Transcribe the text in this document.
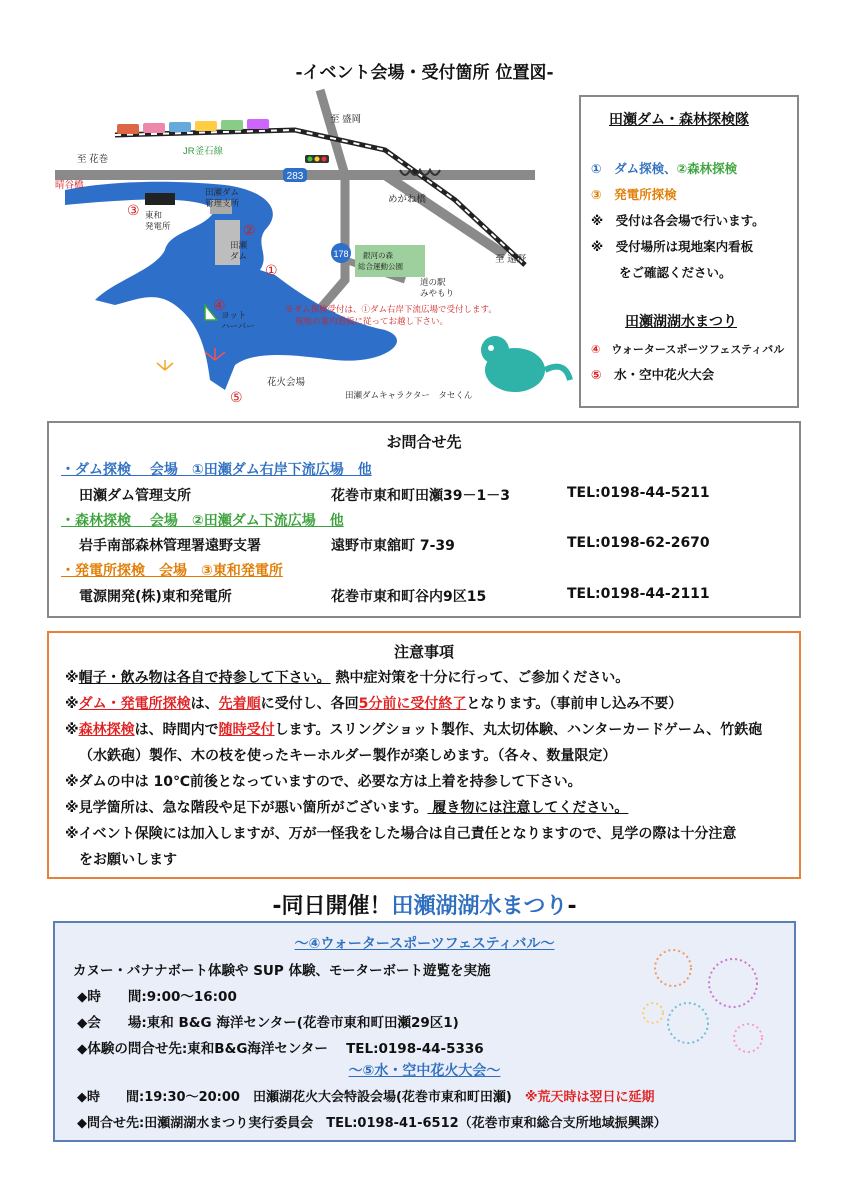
-イベント会場・受付箇所 位置図-
283
178
至 盛岡
至 花巻
至 遠野
JR釜石線
晴谷橋
めがね橋
花火会場
※ダム探検受付は、①ダム右岸下流広場で受付します。
現地の案内看板に従ってお越し下さい。
田瀬ダムキャラクター　タセくん
東和
発電所
田瀬ダム
管理支所
田瀬
ダム	銀河の森
総合運動公園
道の駅
みやもり
ヨット
ハーバー
③
②
①
④
⑤
田瀬ダム・森林探検隊
①　ダム探検、②森林探検
③　発電所探検
※　受付は各会場で行います。
※　受付場所は現地案内看板
をご確認ください。
田瀬湖湖水まつり
④　 ウォータースポーツフェスティバル
⑤　 水・空中花火大会
お問合せ先
・ダム探検　 会場　①田瀬ダム右岸下流広場　他
田瀬ダム管理支所	花巻市東和町田瀬39－1－3	TEL:0198-44-5211
・森林探検　 会場　②田瀬ダム下流広場　他
岩手南部森林管理署遠野支署	遠野市東舘町 7-39	TEL:0198-62-2670
・発電所探検　会場　③東和発電所
電源開発(株)東和発電所	花巻市東和町谷内9区15	TEL:0198-44-2111
注意事項
※帽子・飲み物は各自で持参して下さい。 熱中症対策を十分に行って、ご参加ください。
※ダム・発電所探検は、先着順に受付し、各回5分前に受付終了となります。（事前申し込み不要）
※森林探検は、時間内で随時受付します。スリングショット製作、丸太切体験、ハンターカードゲーム、竹鉄砲
（水鉄砲）製作、木の枝を使ったキーホルダー製作が楽しめます。（各々、数量限定）
※ダムの中は 10℃前後となっていますので、必要な方は上着を持参して下さい。
※見学箇所は、急な階段や足下が悪い箇所がございます。 履き物には注意してください。
※イベント保険には加入しますが、万が一怪我をした場合は自己責任となりますので、見学の際は十分注意
をお願いします
-同日開催！田瀬湖湖水まつり-
～④ウォータースポーツフェスティバル～
カヌー・バナナボート体験や SUP 体験、モーターボート遊覧を実施
◆時　　間:9:00～16:00
◆会　　場:東和 B&G 海洋センター(花巻市東和町田瀬29区1)
◆体験の問合せ先:東和B&G海洋センター　 TEL:0198-44-5336
～⑤水・空中花火大会～
◆時　　間:19:30～20:00　田瀬湖花火大会特設会場(花巻市東和町田瀬)　 ※荒天時は翌日に延期
◆問合せ先:田瀬湖湖水まつり実行委員会　TEL:0198-41-6512（花巻市東和総合支所地域振興課）
